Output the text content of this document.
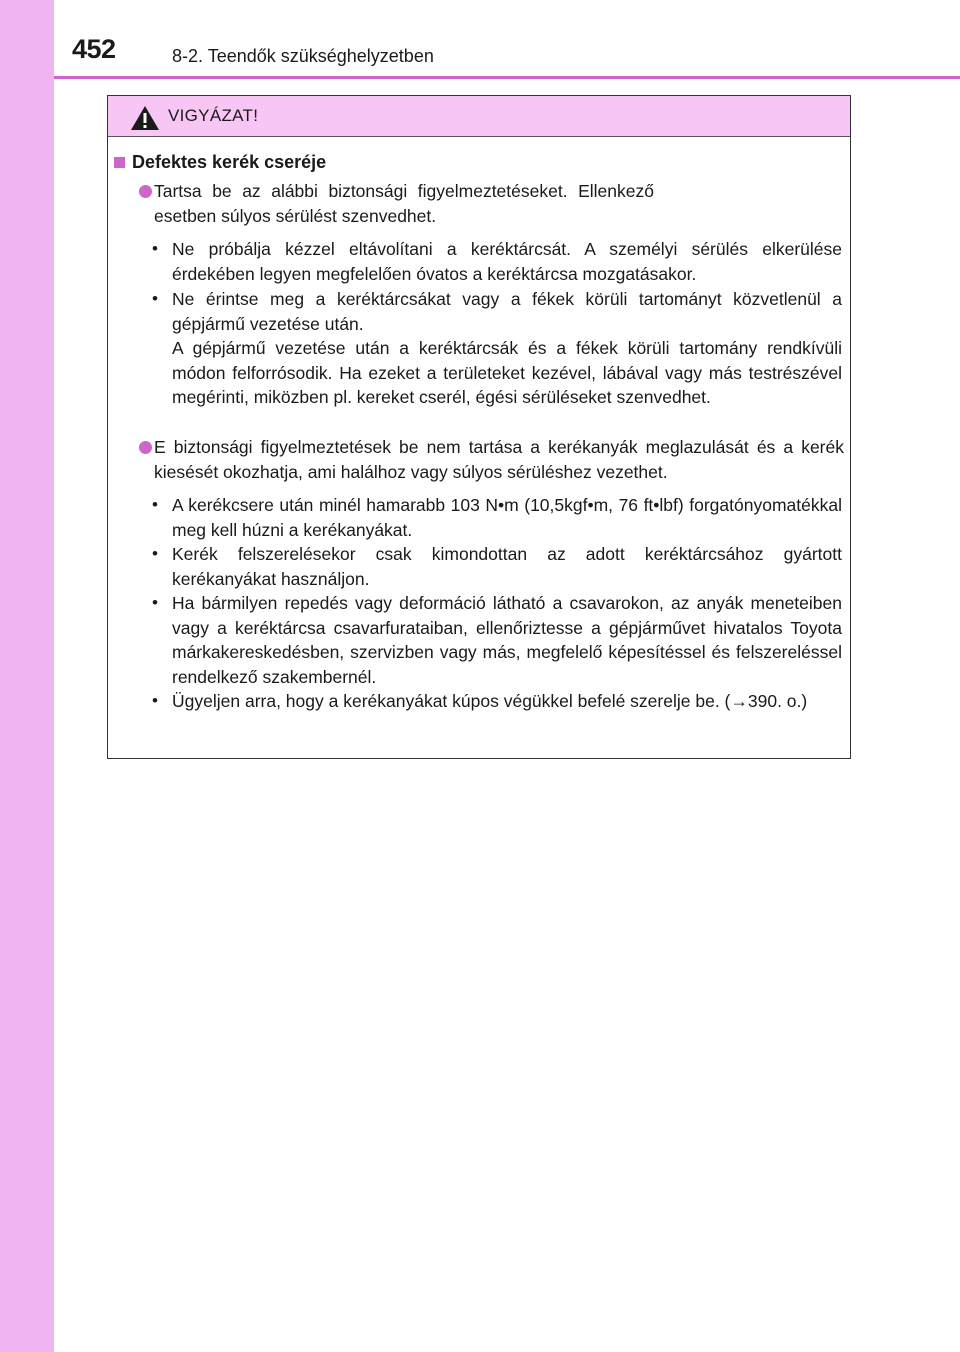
452	8-2. Teendők szükséghelyzetben
VIGYÁZAT!
Defektes kerék cseréje
Tartsa be az alábbi biztonsági figyelmeztetéseket. Ellenkező esetben súlyos sérülést szenvedhet.
• Ne próbálja kézzel eltávolítani a keréktárcsát. A személyi sérülés elkerülése érdekében legyen megfelelően óvatos a keréktárcsa mozgatásakor.
• Ne érintse meg a keréktárcsákat vagy a fékek körüli tartományt közvetlenül a gépjármű vezetése után.
A gépjármű vezetése után a keréktárcsák és a fékek körüli tartomány rendkívüli módon felforrósodik. Ha ezeket a területeket kezével, lábával vagy más testrészével megérinti, miközben pl. kereket cserél, égési sérüléseket szenvedhet.
E biztonsági figyelmeztetések be nem tartása a kerékanyák meglazulását és a kerék kiesését okozhatja, ami halálhoz vagy súlyos sérüléshez vezethet.
• A kerékcsere után minél hamarabb 103 N•m (10,5kgf•m, 76 ft•lbf) forgatónyomatékkal meg kell húzni a kerékanyákat.
• Kerék felszerelésekor csak kimondottan az adott keréktárcsához gyártott kerékanyákat használjon.
• Ha bármilyen repedés vagy deformáció látható a csavarokon, az anyák meneteiben vagy a keréktárcsa csavarfurataiban, ellenőriztesse a gépjárművet hivatalos Toyota márkakereskedésben, szervizben vagy más, megfelelő képesítéssel és felszereléssel rendelkező szakembernél.
• Ügyeljen arra, hogy a kerékanyákat kúpos végükkel befelé szerelje be. (→390. o.)
